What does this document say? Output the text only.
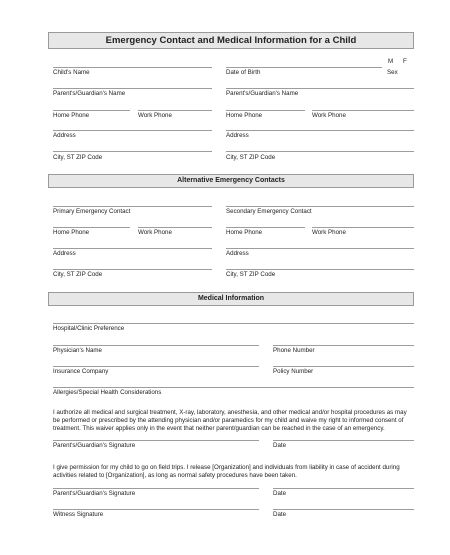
Emergency Contact and Medical Information for a Child
M F
Child's Name	Date of Birth	Sex
Parent's/Guardian's Name	Parent's/Guardian's Name
Home Phone	Work Phone	Home Phone	Work Phone
Address	Address
City, ST ZIP Code	City, ST ZIP Code
Alternative Emergency Contacts
Primary Emergency Contact	Secondary Emergency Contact
Home Phone	Work Phone	Home Phone	Work Phone
Address	Address
City, ST ZIP Code	City, ST ZIP Code
Medical Information
Hospital/Clinic Preference
Physician's Name	Phone Number
Insurance Company	Policy Number
Allergies/Special Health Considerations
I authorize all medical and surgical treatment, X-ray, laboratory, anesthesia, and other medical and/or hospital procedures as may be performed or prescribed by the attending physician and/or paramedics for my child and waive my right to informed consent of treatment. This waiver applies only in the event that neither parent/guardian can be reached in the case of an emergency.
Parent's/Guardian's Signature	Date
I give permission for my child to go on field trips. I release [Organization] and individuals from liability in case of accident during activities related to [Organization], as long as normal safety procedures have been taken.
Parent's/Guardian's Signature	Date
Witness Signature	Date
